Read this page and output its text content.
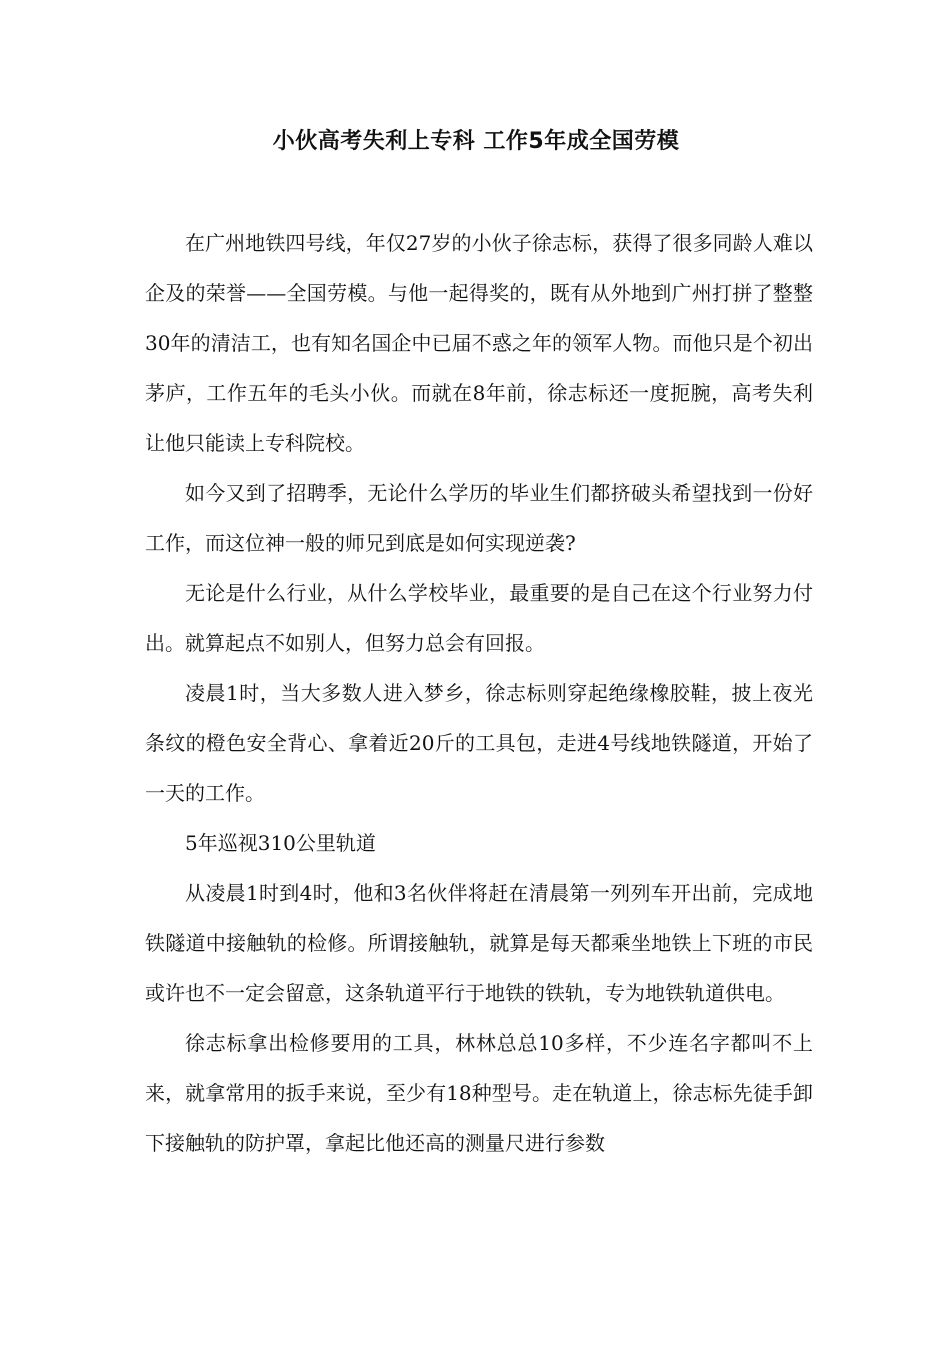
小伙高考失利上专科 工作5年成全国劳模

在广州地铁四号线，年仅27岁的小伙子徐志标，获得了很多同龄人难以企及的荣誉——全国劳模。与他一起得奖的，既有从外地到广州打拼了整整30年的清洁工，也有知名国企中已届不惑之年的领军人物。而他只是个初出茅庐，工作五年的毛头小伙。而就在8年前，徐志标还一度扼腕，高考失利让他只能读上专科院校。

如今又到了招聘季，无论什么学历的毕业生们都挤破头希望找到一份好工作，而这位神一般的师兄到底是如何实现逆袭?

无论是什么行业，从什么学校毕业，最重要的是自己在这个行业努力付出。就算起点不如别人，但努力总会有回报。

凌晨1时，当大多数人进入梦乡，徐志标则穿起绝缘橡胶鞋，披上夜光条纹的橙色安全背心、拿着近20斤的工具包，走进4号线地铁隧道，开始了一天的工作。

5年巡视310公里轨道

从凌晨1时到4时，他和3名伙伴将赶在清晨第一列列车开出前，完成地铁隧道中接触轨的检修。所谓接触轨，就算是每天都乘坐地铁上下班的市民或许也不一定会留意，这条轨道平行于地铁的铁轨，专为地铁轨道供电。

徐志标拿出检修要用的工具，林林总总10多样，不少连名字都叫不上来，就拿常用的扳手来说，至少有18种型号。走在轨道上，徐志标先徒手卸下接触轨的防护罩，拿起比他还高的测量尺进行参数
